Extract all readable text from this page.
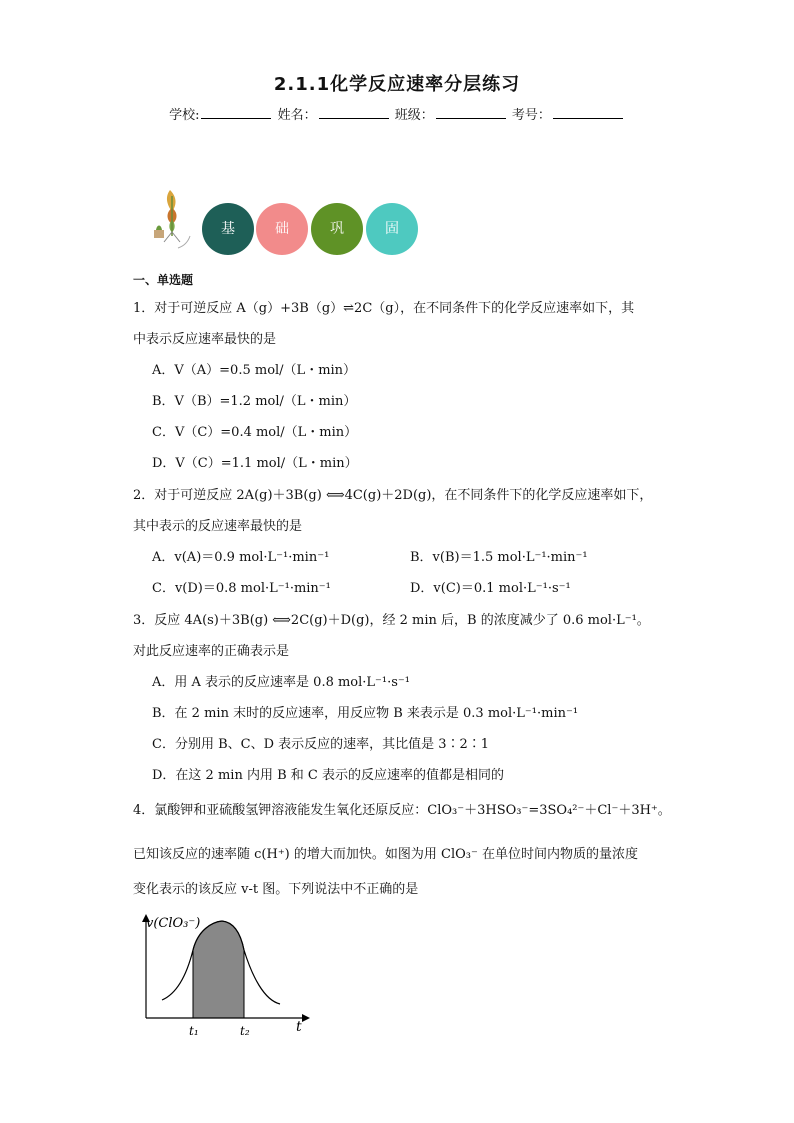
2.1.1化学反应速率分层练习
学校:	姓名：	班级：	考号：
基	础	巩	固
一、单选题
1．对于可逆反应 A（g）+3B（g）⇌2C（g），在不同条件下的化学反应速率如下，其
中表示反应速率最快的是
A．V（A）=0.5 mol/（L・min）
B．V（B）=1.2 mol/（L・min）
C．V（C）=0.4 mol/（L・min）
D．V（C）=1.1 mol/（L・min）
2．对于可逆反应 2A(g)＋3B(g) ⟺4C(g)＋2D(g)，在不同条件下的化学反应速率如下，
其中表示的反应速率最快的是
A．v(A)＝0.9 mol·L⁻¹·min⁻¹	B．v(B)＝1.5 mol·L⁻¹·min⁻¹
C．v(D)＝0.8 mol·L⁻¹·min⁻¹	D．v(C)＝0.1 mol·L⁻¹·s⁻¹
3．反应 4A(s)＋3B(g) ⟺2C(g)＋D(g)，经 2 min 后，B 的浓度减少了 0.6 mol·L⁻¹。
对此反应速率的正确表示是
A．用 A 表示的反应速率是 0.8 mol·L⁻¹·s⁻¹
B．在 2 min 末时的反应速率，用反应物 B 来表示是 0.3 mol·L⁻¹·min⁻¹
C．分别用 B、C、D 表示反应的速率，其比值是 3∶2∶1
D．在这 2 min 内用 B 和 C 表示的反应速率的值都是相同的
4．氯酸钾和亚硫酸氢钾溶液能发生氧化还原反应：ClO₃⁻＋3HSO₃⁻=3SO₄²⁻＋Cl⁻＋3H⁺。
已知该反应的速率随 c(H⁺) 的增大而加快。如图为用 ClO₃⁻ 在单位时间内物质的量浓度
变化表示的该反应 v-t 图。下列说法中不正确的是
v(ClO₃⁻)
t
t₁	t₂
